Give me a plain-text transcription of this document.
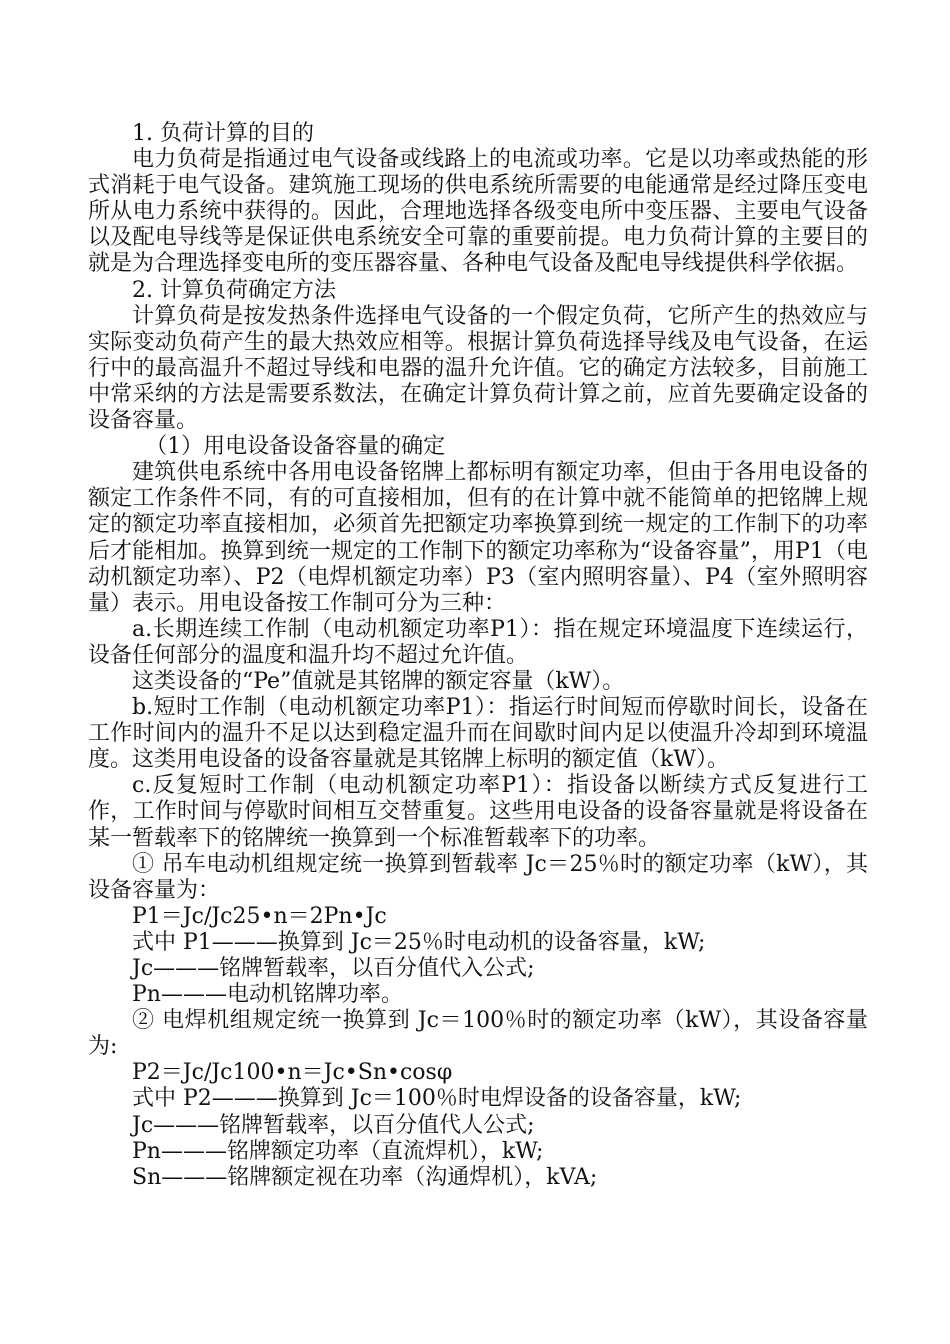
1. 负荷计算的目的

电力负荷是指通过电气设备或线路上的电流或功率。它是以功率或热能的形式消耗于电气设备。建筑施工现场的供电系统所需要的电能通常是经过降压变电所从电力系统中获得的。因此，合理地选择各级变电所中变压器、主要电气设备以及配电导线等是保证供电系统安全可靠的重要前提。电力负荷计算的主要目的就是为合理选择变电所的变压器容量、各种电气设备及配电导线提供科学依据。

2. 计算负荷确定方法

计算负荷是按发热条件选择电气设备的一个假定负荷，它所产生的热效应与实际变动负荷产生的最大热效应相等。根据计算负荷选择导线及电气设备，在运行中的最高温升不超过导线和电器的温升允许值。它的确定方法较多，目前施工中常采纳的方法是需要系数法，在确定计算负荷计算之前，应首先要确定设备的设备容量。

（1）用电设备设备容量的确定

建筑供电系统中各用电设备铭牌上都标明有额定功率，但由于各用电设备的额定工作条件不同，有的可直接相加，但有的在计算中就不能简单的把铭牌上规定的额定功率直接相加，必须首先把额定功率换算到统一规定的工作制下的功率后才能相加。换算到统一规定的工作制下的额定功率称为“设备容量”，用P1（电动机额定功率）、P2（电焊机额定功率）P3（室内照明容量）、P4（室外照明容量）表示。用电设备按工作制可分为三种：

a.长期连续工作制（电动机额定功率P1）：指在规定环境温度下连续运行，设备任何部分的温度和温升均不超过允许值。

这类设备的“Pe”值就是其铭牌的额定容量（kW）。

b.短时工作制（电动机额定功率P1）：指运行时间短而停歇时间长，设备在工作时间内的温升不足以达到稳定温升而在间歇时间内足以使温升冷却到环境温度。这类用电设备的设备容量就是其铭牌上标明的额定值（kW）。

c.反复短时工作制（电动机额定功率P1）：指设备以断续方式反复进行工作，工作时间与停歇时间相互交替重复。这些用电设备的设备容量就是将设备在某一暂载率下的铭牌统一换算到一个标准暂载率下的功率。

① 吊车电动机组规定统一换算到暂载率 Jc＝25％时的额定功率（kW），其设备容量为：

P1＝Jc/Jc25•n＝2Pn•Jc

式中 P1———换算到 Jc＝25％时电动机的设备容量，kW;

Jc———铭牌暂载率，以百分值代入公式;

Pn———电动机铭牌功率。

② 电焊机组规定统一换算到 Jc＝100％时的额定功率（kW），其设备容量为:

P2＝Jc/Jc100•n＝Jc•Sn•cosφ

式中 P2———换算到 Jc＝100％时电焊设备的设备容量，kW;

Jc———铭牌暂载率，以百分值代人公式;

Pn———铭牌额定功率（直流焊机），kW;

Sn———铭牌额定视在功率（沟通焊机），kVA;
